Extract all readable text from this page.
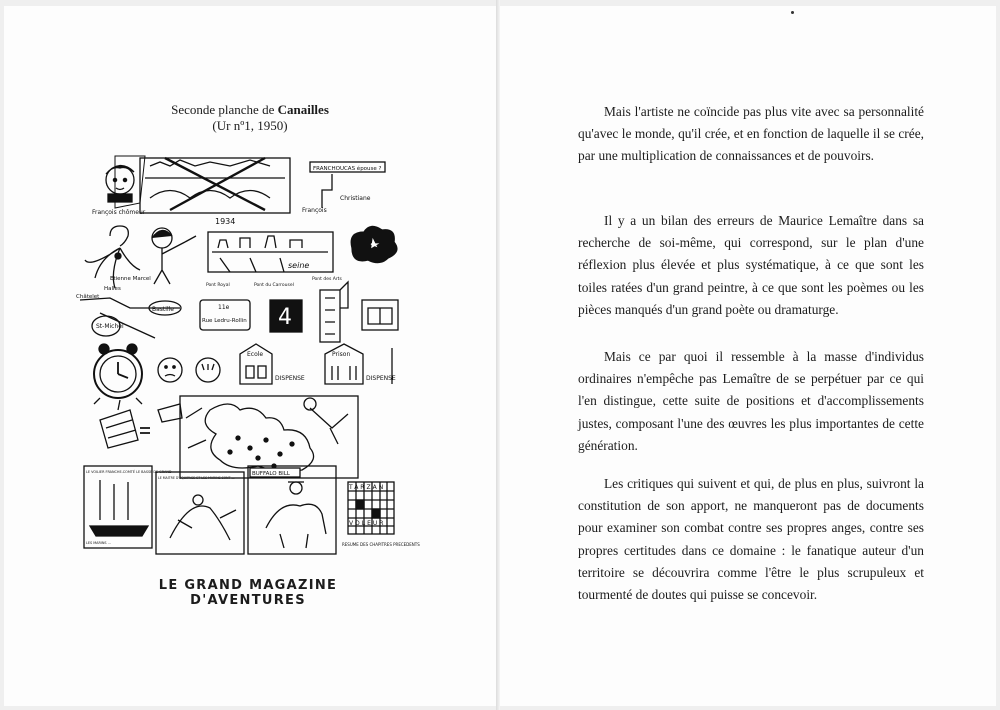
Seconde planche de Canailles
(Ur nº1, 1950)
François chômeur
1934
FRANCHOUCAS épouse ?
Christiane
François
seine
Pont Royal	Pont du Carrousel
Pont des Arts
Etienne Marcel
Châtelet
Halles
Bastille
St-Michel
11e
Rue Ledru-Rollin 4
Ecole
DISPENSE
Prison
DISPENSE
LE VOILIER FRANCHE-COMTÉ LE BASSE DE GRAND
LES MARINS ...
LE MAITRE D'EQUIPAGE ET LES MARINS SONT ...
BUFFALO BILL
TARZAN
VOLEUR
RESUME DES CHAPITRES PRECEDENTS
LE GRAND MAGAZINE D'AVENTURES

Mais l'artiste ne coïncide pas plus vite avec sa personnalité qu'avec le monde, qu'il crée, et en fonction de laquelle il se crée, par une multiplication de connaissances et de pouvoirs.

Il y a un bilan des erreurs de Maurice Lemaître dans sa recherche de soi-même, qui correspond, sur le plan d'une réflexion plus élevée et plus systématique, à ce que sont les toiles ratées d'un grand peintre, à ce que sont les poèmes ou les pièces manqués d'un grand poète ou dramaturge.

Mais ce par quoi il ressemble à la masse d'individus ordinaires n'empêche pas Lemaître de se perpétuer par ce qui l'en distingue, cette suite de positions et d'accomplissements justes, composant l'une des œuvres les plus importantes de cette génération.

Les critiques qui suivent et qui, de plus en plus, suivront la constitution de son apport, ne manqueront pas de documents pour examiner son combat contre ses propres anges, contre ses propres certitudes dans ce domaine : le fanatique auteur d'un territoire se découvrira comme l'être le plus scrupuleux et tourmenté de doutes qui puisse se concevoir.
